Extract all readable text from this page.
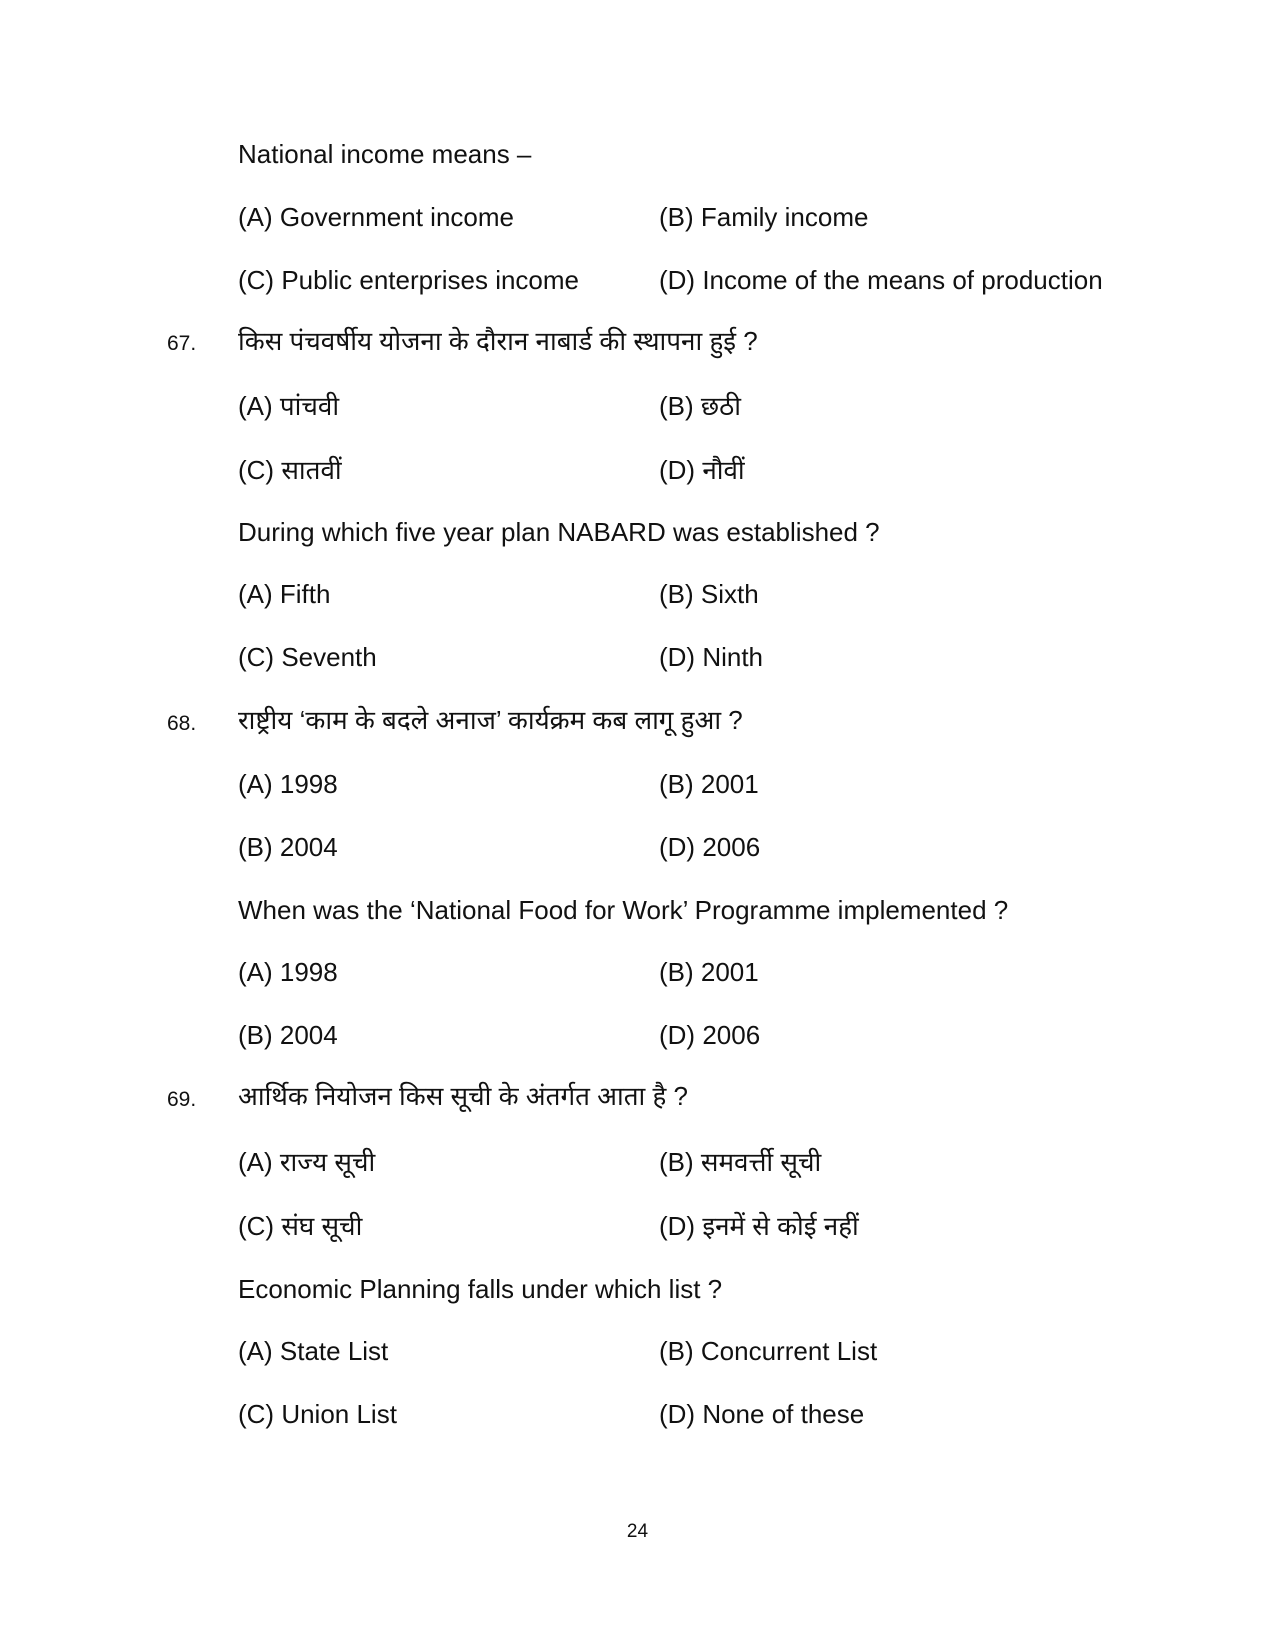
National income means –
(A) Government income	(B) Family income
(C) Public enterprises income	(D) Income of the means of production
67. किस पंचवर्षीय योजना के दौरान नाबार्ड की स्थापना हुई ?
(A) पांचवी	(B) छठी
(C) सातवीं	(D) नौवीं
During which five year plan NABARD was established ?
(A) Fifth	(B) Sixth
(C) Seventh	(D) Ninth
68. राष्ट्रीय ‘काम के बदले अनाज’ कार्यक्रम कब लागू हुआ ?
(A) 1998	(B) 2001
(B) 2004	(D) 2006
When was the ‘National Food for Work’ Programme implemented ?
(A) 1998	(B) 2001
(B) 2004	(D) 2006
69. आर्थिक नियोजन किस सूची के अंतर्गत आता है ?
(A) राज्य सूची	(B) समवर्त्ती सूची
(C) संघ सूची	(D) इनमें से कोई नहीं
Economic Planning falls under which list ?
(A) State List	(B) Concurrent List
(C) Union List	(D) None of these
24
